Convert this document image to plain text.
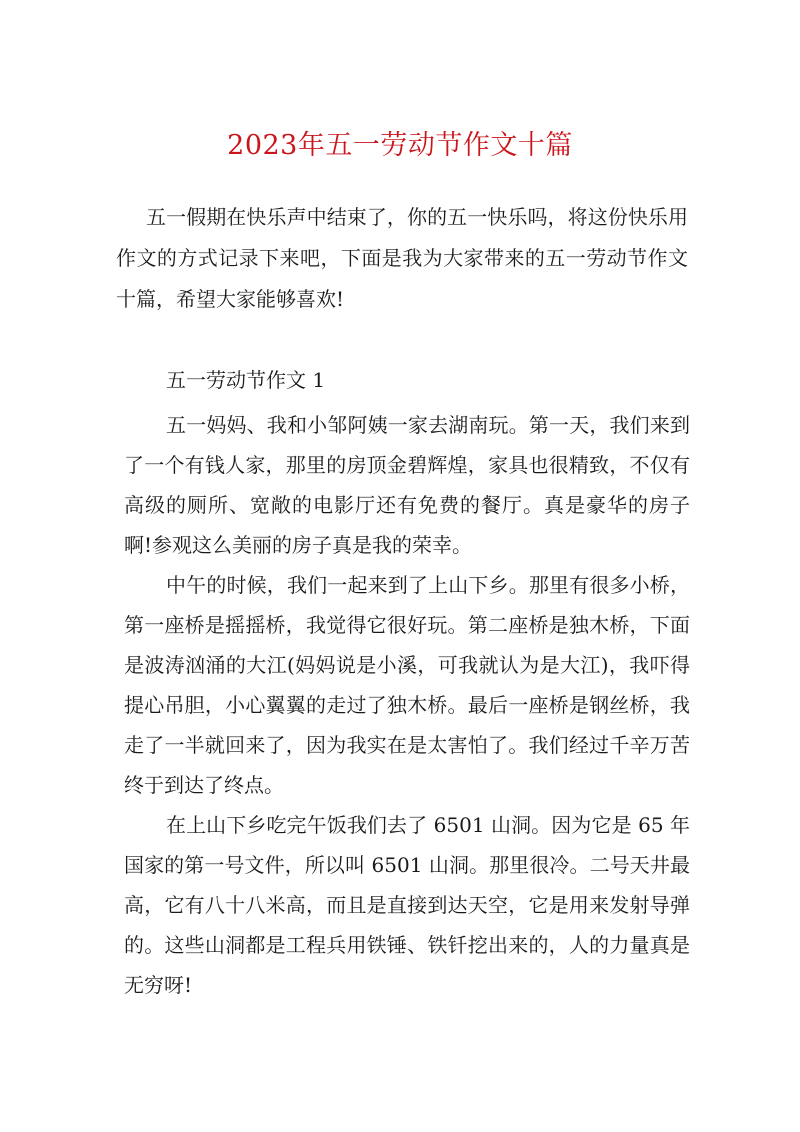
2023年五一劳动节作文十篇

五一假期在快乐声中结束了，你的五一快乐吗，将这份快乐用作文的方式记录下来吧，下面是我为大家带来的五一劳动节作文十篇，希望大家能够喜欢!

五一劳动节作文 1

五一妈妈、我和小邹阿姨一家去湖南玩。第一天，我们来到了一个有钱人家，那里的房顶金碧辉煌，家具也很精致，不仅有高级的厕所、宽敞的电影厅还有免费的餐厅。真是豪华的房子啊!参观这么美丽的房子真是我的荣幸。

中午的时候，我们一起来到了上山下乡。那里有很多小桥，第一座桥是摇摇桥，我觉得它很好玩。第二座桥是独木桥，下面是波涛汹涌的大江(妈妈说是小溪，可我就认为是大江)，我吓得提心吊胆，小心翼翼的走过了独木桥。最后一座桥是钢丝桥，我走了一半就回来了，因为我实在是太害怕了。我们经过千辛万苦终于到达了终点。

在上山下乡吃完午饭我们去了 6501 山洞。因为它是 65 年国家的第一号文件，所以叫 6501 山洞。那里很冷。二号天井最高，它有八十八米高，而且是直接到达天空，它是用来发射导弹的。这些山洞都是工程兵用铁锤、铁钎挖出来的，人的力量真是无穷呀!
